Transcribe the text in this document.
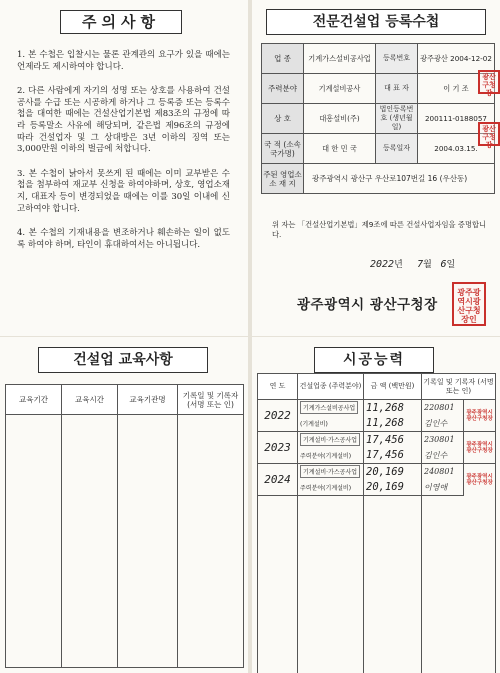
주의사항
1. 본 수첩은 입찰시는 물론 관계관의 요구가 있을 때에는 언제라도 제시하여야 합니다.
2. 다른 사람에게 자기의 성명 또는 상호를 사용하여 건설공사를 수급 또는 시공하게 하거나 그 등록증 또는 등록수첩을 대여한 때에는 건설산업기본법 제83조의 규정에 따라 등록말소 사유에 해당되며, 같은법 제96조의 규정에 따라 건설업자 및 그 상대방은 3년 이하의 징역 또는 3,000만원 이하의 벌금에 처합니다.
3. 본 수첩이 낡아서 못쓰게 된 때에는 이미 교부받은 수첩을 첨부하여 재교부 신청을 하여야하며, 상호, 영업소재지, 대표자 등이 변경되었을 때에는 이를 30일 이내에 신고하여야 합니다.
4. 본 수첩의 기재내용을 변조하거나 훼손하는 일이 없도록 하여야 하며, 타인이 휴대하여서는 아니됩니다.
전문건설업 등록수첩
업 종	기계가스설비공사업	등록번호	광주광산 2004-12-02
주력분야	기계설비공사	대 표 자	이 기 조
상 호	대흥설비(주)	법인등록번호 (생년월일)	200111-0188057
국 적 (소속국가명)	대 한 민 국	등록일자	2004.03.15.
주된 영업소 소 재 지	광주광역시 광산구 우산로107번길 16 (우산동)		
광산구청장
광산구청장

위 자는 「건설산업기본법」제9조에 따른 건설사업자임을 증명합니다.

2022년 7월 6일
광주광역시 광산구청장
광주광역시광산구청장인
건설업 교육사항
교육기간	교육시간	교육기관명	기록일 및 기록자 (서명 또는 인)

시공능력
연 도	건설업종 (주력분야)	금 액 (백만원)	기록일 및 기록자 (서명 또는 인)	
2022	기계가스설비공사업	11,268	220801	광주광역시광산구청장
	(기계설비)	11,268	김인수	
2023	기계설비·가스공사업	17,456	230801	광주광역시광산구청장
	주력분야(기계설비)	17,456	김인수	
2024	기계설비·가스공사업	20,169	240801	광주광역시광산구청장
	주력분야(기계설비)	20,169	이영애	
